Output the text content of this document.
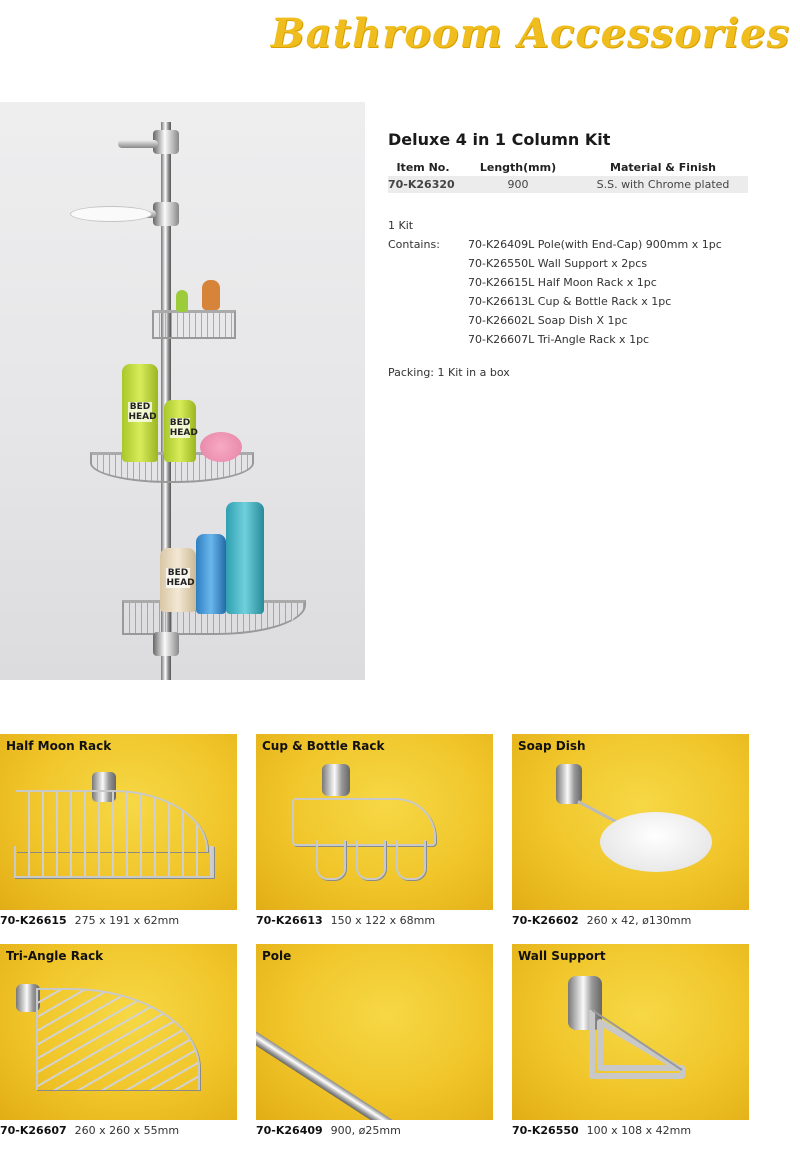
Bathroom Accessories
BED HEAD
BED HEAD
BED HEAD
Deluxe 4 in 1 Column Kit
Item No.	Length(mm)	Material & Finish
70-K26320	900	S.S. with Chrome plated
1 Kit Contains:	70-K26409L Pole(with End-Cap) 900mm x 1pc
70-K26550L Wall Support x 2pcs
70-K26615L Half Moon Rack x 1pc
70-K26613L Cup & Bottle Rack x 1pc
70-K26602L Soap Dish X 1pc
70-K26607L Tri-Angle Rack x 1pc
Packing: 1 Kit in a box
Half Moon Rack
70-K26615 275 x 191 x 62mm
Cup & Bottle Rack
70-K26613 150 x 122 x 68mm
Soap Dish
70-K26602 260 x 42, ø130mm
Tri-Angle Rack
70-K26607 260 x 260 x 55mm
Pole
70-K26409 900, ø25mm
Wall Support
70-K26550 100 x 108 x 42mm
